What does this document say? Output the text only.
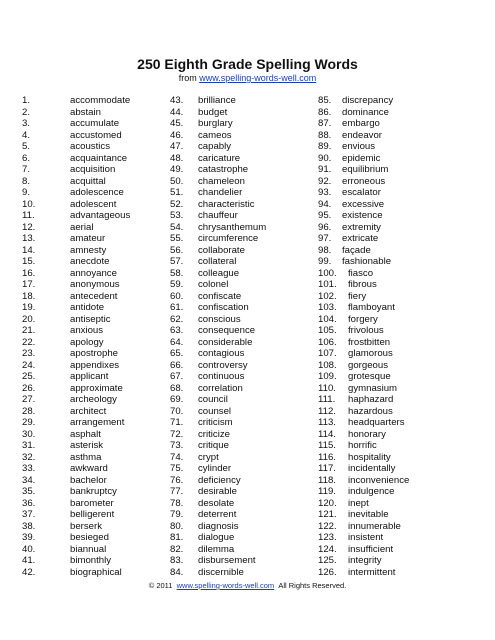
250 Eighth Grade Spelling Words
from www.spelling-words-well.com
1.	accommodate
2.	abstain
3.	accumulate
4.	accustomed
5.	acoustics
6.	acquaintance
7.	acquisition
8.	acquittal
9.	adolescence
10.	adolescent
11.	advantageous
12.	aerial
13.	amateur
14.	amnesty
15.	anecdote
16.	annoyance
17.	anonymous
18.	antecedent
19.	antidote
20.	antiseptic
21.	anxious
22.	apology
23.	apostrophe
24.	appendixes
25.	applicant
26.	approximate
27.	archeology
28.	architect
29.	arrangement
30.	asphalt
31.	asterisk
32.	asthma
33.	awkward
34.	bachelor
35.	bankruptcy
36.	barometer
37.	belligerent
38.	berserk
39.	besieged
40.	biannual
41.	bimonthly
42.	biographical
43. brilliance
44. budget
45. burglary
46. cameos
47. capably
48. caricature
49. catastrophe
50. chameleon
51. chandelier
52. characteristic
53. chauffeur
54. chrysanthemum
55. circumference
56. collaborate
57. collateral
58. colleague
59. colonel
60. confiscate
61. confiscation
62. conscious
63. consequence
64. considerable
65. contagious
66. controversy
67. continuous
68. correlation
69. council
70. counsel
71. criticism
72. criticize
73. critique
74. crypt
75. cylinder
76. deficiency
77. desirable
78. desolate
79. deterrent
80. diagnosis
81. dialogue
82. dilemma
83. disbursement
84. discernible
85. discrepancy
86. dominance
87. embargo
88. endeavor
89. envious
90. epidemic
91. equilibrium
92. erroneous
93. escalator
94. excessive
95. existence
96. extremity
97. extricate
98. façade
99. fashionable
100. fiasco
101. fibrous
102. fiery
103. flamboyant
104. forgery
105. frivolous
106. frostbitten
107. glamorous
108. gorgeous
109. grotesque
110. gymnasium
111. haphazard
112. hazardous
113. headquarters
114. honorary
115. horrific
116. hospitality
117. incidentally
118. inconvenience
119. indulgence
120. inept
121. inevitable
122. innumerable
123. insistent
124. insufficient
125. integrity
126. intermittent
© 2011 www.spelling-words-well.com All Rights Reserved.
